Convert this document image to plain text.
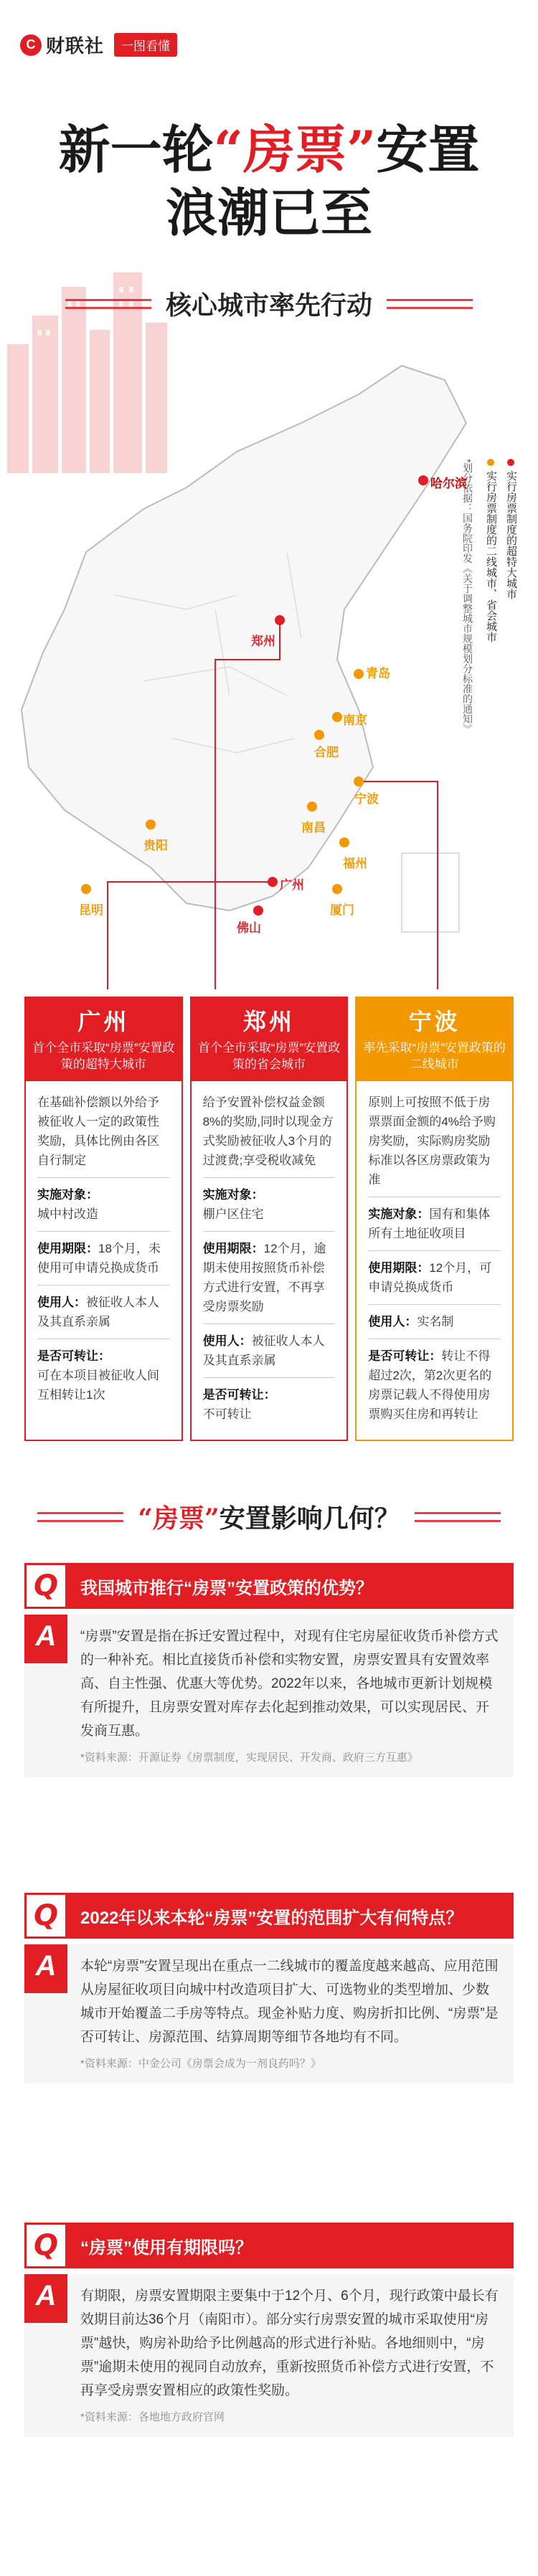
C 财联社	一图看懂
新一轮“房票”安置
浪潮已至
核心城市率先行动
哈尔滨
郑州
青岛
南京
合肥
宁波
贵阳
南昌
福州
厦门
昆明
广州
佛山
实行房票制度的超特大城市
实行房票制度的二线城市、省会城市
*划分依据：国务院印发《关于调整城市规模划分标准的通知》
广州
首个全市采取“房票”安置政策的超特大城市
在基础补偿额以外给予被征收人一定的政策性奖励，具体比例由各区自行制定
实施对象：
城中村改造
使用期限：18个月，未使用可申请兑换成货币
使用人：被征收人本人及其直系亲属
是否可转让：
可在本项目被征收人间互相转让1次
郑州
首个全市采取“房票”安置政策的省会城市
给予安置补偿权益金额8%的奖励,同时以现金方式奖励被征收人3个月的过渡费;享受税收减免
实施对象：
棚户区住宅
使用期限：12个月，逾期未使用按照货币补偿方式进行安置，不再享受房票奖励
使用人：被征收人本人及其直系亲属
是否可转让：
不可转让
宁波
率先采取“房票”安置政策的二线城市
原则上可按照不低于房票票面金额的4%给予购房奖励，实际购房奖励标准以各区房票政策为准
实施对象：国有和集体所有土地征收项目
使用期限：12个月，可申请兑换成货币
使用人：实名制
是否可转让：转让不得超过2次，第2次更名的房票记载人不得使用房票购买住房和再转让
“房票”安置影响几何？
Q	我国城市推行“房票”安置政策的优势？
A	“房票”安置是指在拆迁安置过程中，对现有住宅房屋征收货币补偿方式的一种补充。相比直接货币补偿和实物安置，房票安置具有安置效率高、自主性强、优惠大等优势。2022年以来，各地城市更新计划规模有所提升，且房票安置对库存去化起到推动效果，可以实现居民、开发商互惠。
*资料来源：开源证券《房票制度，实现居民、开发商、政府三方互惠》
Q	2022年以来本轮“房票”安置的范围扩大有何特点？
A	本轮“房票”安置呈现出在重点一二线城市的覆盖度越来越高、应用范围从房屋征收项目向城中村改造项目扩大、可选物业的类型增加、少数城市开始覆盖二手房等特点。现金补贴力度、购房折扣比例、“房票”是否可转让、房源范围、结算周期等细节各地均有不同。
*资料来源：中金公司《房票会成为一剂良药吗？》
Q	“房票”使用有期限吗？
A	有期限，房票安置期限主要集中于12个月、6个月，现行政策中最长有效期目前达36个月（南阳市）。部分实行房票安置的城市采取使用“房票”越快，购房补助给予比例越高的形式进行补贴。各地细则中，“房票”逾期未使用的视同自动放弃，重新按照货币补偿方式进行安置，不再享受房票安置相应的政策性奖励。
*资料来源：各地地方政府官网
